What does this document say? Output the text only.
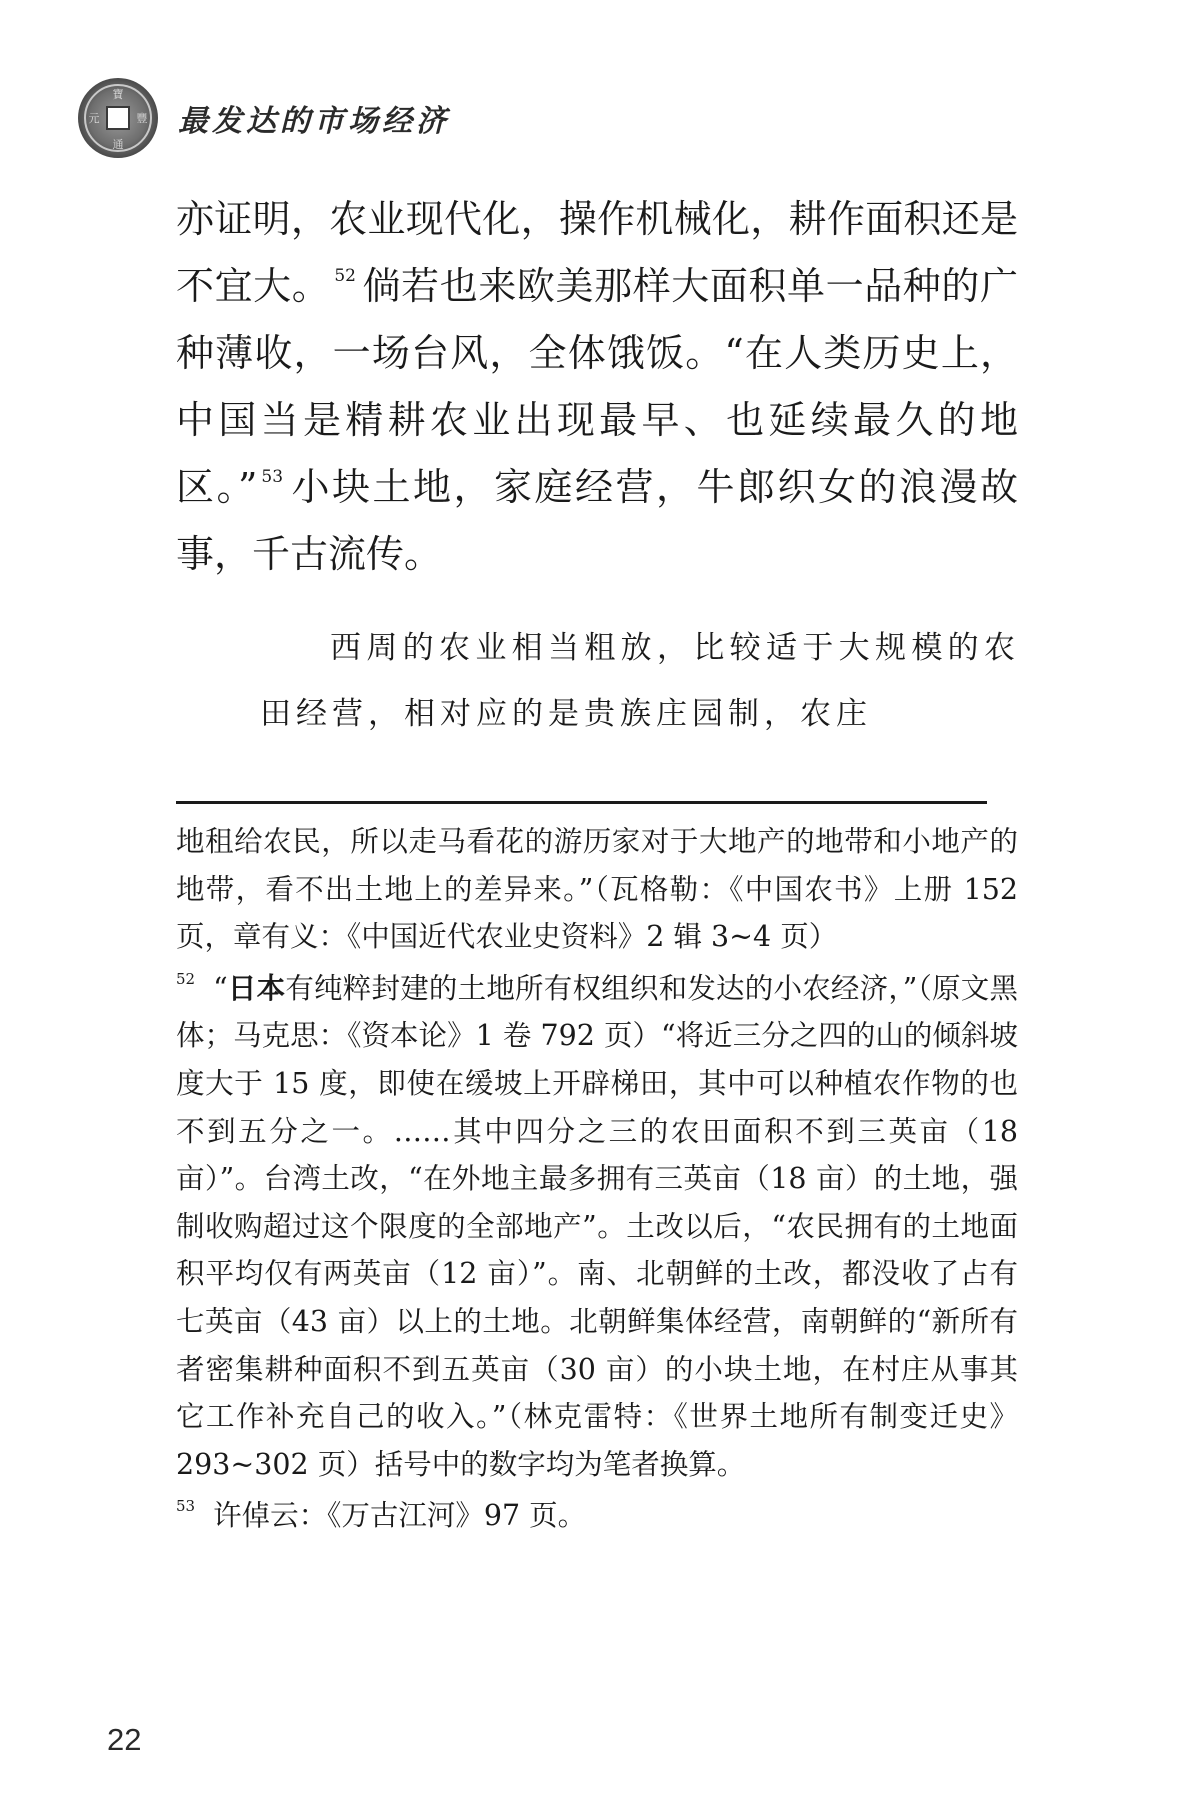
寶
通
元	豐 最发达的市场经济

亦证明，农业现代化，操作机械化，耕作面积还是不宜大。 $^{52}$ 倘若也来欧美那样大面积单一品种的广种薄收，一场台风，全体饿饭。“在人类历史上，中国当是精耕农业出现最早、也延续最久的地区。” $^{53}$ 小块土地，家庭经营，牛郎织女的浪漫故事，千古流传。

西周的农业相当粗放，比较适于大规模的农田经营，相对应的是贵族庄园制，农庄

地租给农民，所以走马看花的游历家对于大地产的地带和小地产的地带，看不出土地上的差异来。”（瓦格勒：《中国农书》上册 152 页，章有义：《中国近代农业史资料》2 辑 3~4 页）

$^{52}$ “日本有纯粹封建的土地所有权组织和发达的小农经济，”（原文黑体；马克思：《资本论》1 卷 792 页）“将近三分之四的山的倾斜坡度大于 15 度，即使在缓坡上开辟梯田，其中可以种植农作物的也不到五分之一。……其中四分之三的农田面积不到三英亩（18 亩）”。台湾土改，“在外地主最多拥有三英亩（18 亩）的土地，强制收购超过这个限度的全部地产”。土改以后，“农民拥有的土地面积平均仅有两英亩（12 亩）”。南、北朝鲜的土改，都没收了占有七英亩（43 亩）以上的土地。北朝鲜集体经营，南朝鲜的“新所有者密集耕种面积不到五英亩（30 亩）的小块土地，在村庄从事其它工作补充自己的收入。”（林克雷特：《世界土地所有制变迁史》293~302 页）括号中的数字均为笔者换算。

$^{53}$ 许倬云：《万古江河》97 页。

22
